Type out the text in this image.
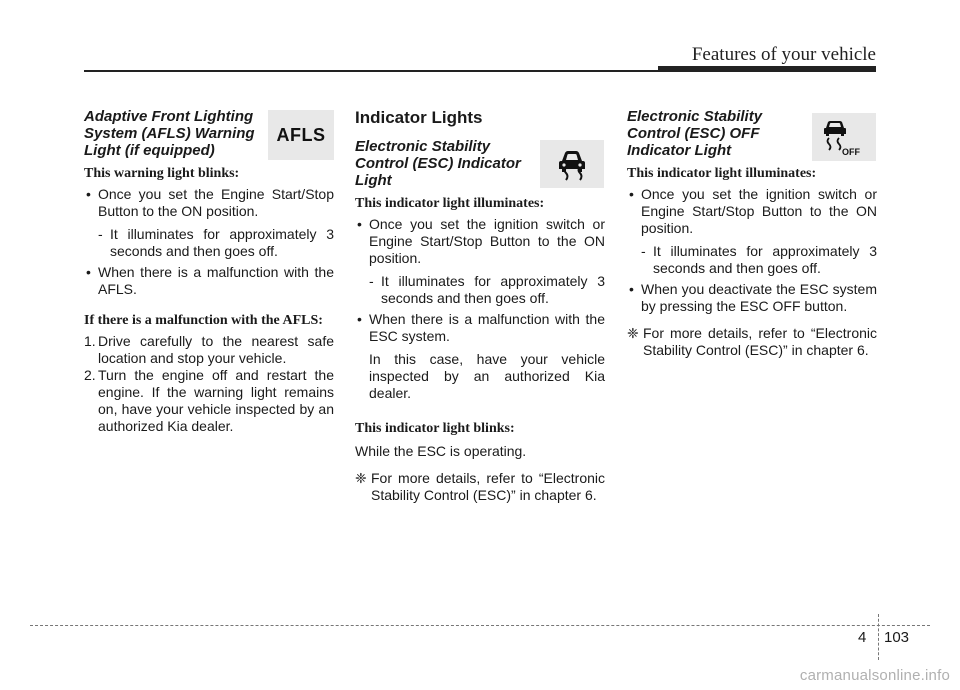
Features of your vehicle
Adaptive Front Lighting System (AFLS) Warning Light (if equipped)
This warning light blinks:
• Once you set the Engine Start/Stop Button to the ON position.
- It illuminates for approximately 3 seconds and then goes off.
• When there is a malfunction with the AFLS.
If there is a malfunction with the AFLS:
1. Drive carefully to the nearest safe location and stop your vehicle.
2. Turn the engine off and restart the engine. If the warning light remains on, have your vehicle inspected by an authorized Kia dealer.
AFLS
Indicator Lights
Electronic Stability Control (ESC) Indicator Light
This indicator light illuminates:
• Once you set the ignition switch or Engine Start/Stop Button to the ON position.
- It illuminates for approximately 3 seconds and then goes off.
• When there is a malfunction with the ESC system.
In this case, have your vehicle inspected by an authorized Kia dealer.
This indicator light blinks:
While the ESC is operating.
❈ For more details, refer to “Electronic Stability Control (ESC)” in chapter 6.
Electronic Stability Control (ESC) OFF Indicator Light
This indicator light illuminates:
• Once you set the ignition switch or Engine Start/Stop Button to the ON position.
- It illuminates for approximately 3 seconds and then goes off.
• When you deactivate the ESC system by pressing the ESC OFF button.
❈ For more details, refer to “Electronic Stability Control (ESC)” in chapter 6.
OFF
4 103
carmanualsonline.info
